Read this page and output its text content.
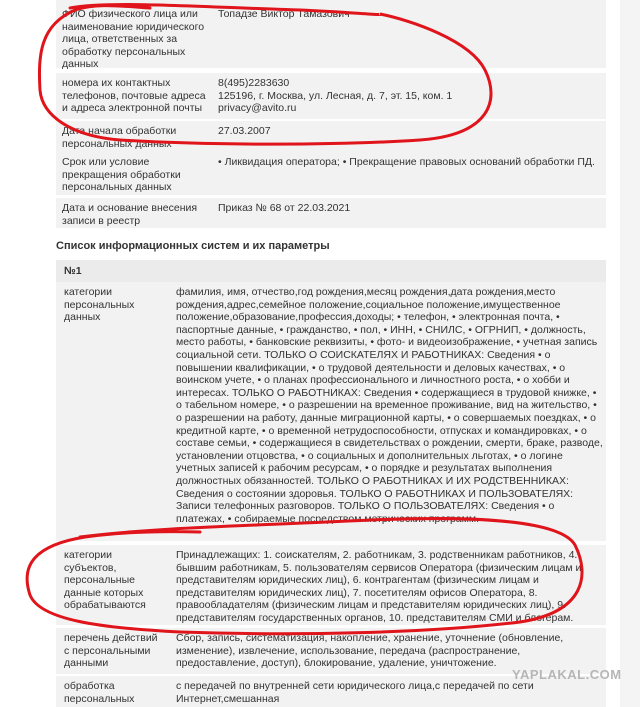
ФИО физического лица или наименование юридического лица, ответственных за обработку персональных данных
Топадзе Виктор Тамазович
номера их контактных телефонов, почтовые адреса и адреса электронной почты
8(495)2283630
125196, г. Москва, ул. Лесная, д. 7, эт. 15, ком. 1
privacy@avito.ru
Дата начала обработки персональных данных
27.03.2007
Срок или условие прекращения обработки персональных данных
• Ликвидация оператора; • Прекращение правовых оснований обработки ПД.
Дата и основание внесения записи в реестр
Приказ № 68 от 22.03.2021
Список информационных систем и их параметры
№1
категории персональных данных
фамилия, имя, отчество,год рождения,месяц рождения,дата рождения,место рождения,адрес,семейное положение,социальное положение,имущественное положение,образование,профессия,доходы; • телефон, • электронная почта, • паспортные данные, • гражданство, • пол, • ИНН, • СНИЛС, • ОГРНИП, • должность, место работы, • банковские реквизиты, • фото- и видеоизображение, • учетная запись социальной сети. ТОЛЬКО О СОИСКАТЕЛЯХ И РАБОТНИКАХ: Сведения • о повышении квалификации, • о трудовой деятельности и деловых качествах, • о воинском учете, • о планах профессионального и личностного роста, • о хобби и интересах. ТОЛЬКО О РАБОТНИКАХ: Сведения • содержащиеся в трудовой книжке, • о табельном номере, • о разрешении на временное проживание, вид на жительство, • о разрешении на работу, данные миграционной карты, • о совершаемых поездках, • о кредитной карте, • о временной нетрудоспособности, отпусках и командировках, • о составе семьи, • содержащиеся в свидетельствах о рождении, смерти, браке, разводе, установлении отцовства, • о социальных и дополнительных льготах, • о логине учетных записей к рабочим ресурсам, • о порядке и результатах выполнения должностных обязанностей. ТОЛЬКО О РАБОТНИКАХ И ИХ РОДСТВЕННИКАХ: Сведения о состоянии здоровья. ТОЛЬКО О РАБОТНИКАХ И ПОЛЬЗОВАТЕЛЯХ: Записи телефонных разговоров. ТОЛЬКО О ПОЛЬЗОВАТЕЛЯХ: Сведения • о платежах, • собираемые посредством метрических программ.
категории субъектов, персональные данные которых обрабатываются
Принадлежащих: 1. соискателям, 2. работникам, 3. родственникам работников, 4. бывшим работникам, 5. пользователям сервисов Оператора (физическим лицам и представителям юридических лиц), 6. контрагентам (физическим лицам и представителям юридических лиц), 7. посетителям офисов Оператора, 8. правообладателям (физическим лицам и представителям юридических лиц), 9. представителям государственных органов, 10. представителям СМИ и блогерам.
перечень действий с персональными данными
Сбор, запись, систематизация, накопление, хранение, уточнение (обновление, изменение), извлечение, использование, передача (распространение, предоставление, доступ), блокирование, удаление, уничтожение.
обработка персональных
с передачей по внутренней сети юридического лица,с передачей по сети Интернет,смешанная
YAPLAKAL.COM
